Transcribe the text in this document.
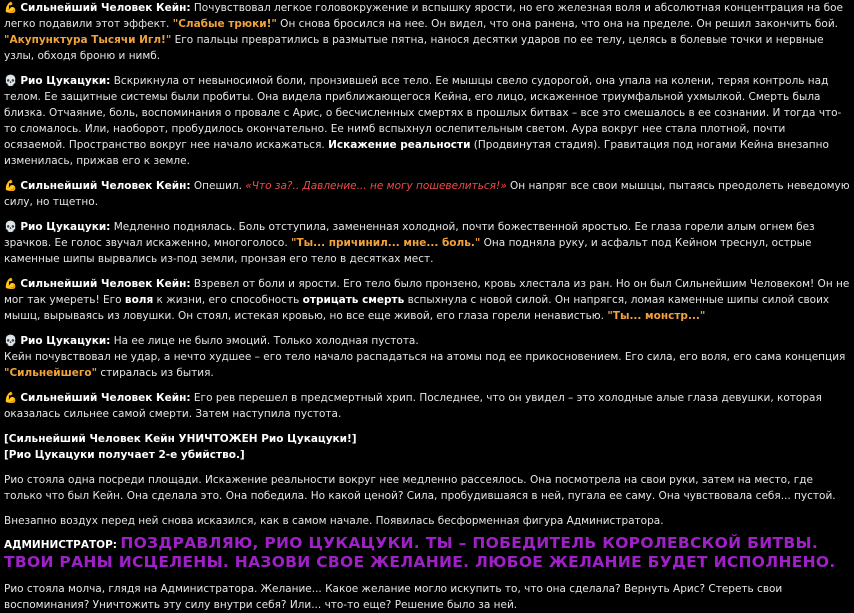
💪 Сильнейший Человек Кейн: Почувствовал легкое головокружение и вспышку ярости, но его железная воля и абсолютная концентрация на бое легко подавили этот эффект. "Слабые трюки!" Он снова бросился на нее. Он видел, что она ранена, что она на пределе. Он решил закончить бой. "Акупунктура Тысячи Игл!" Его пальцы превратились в размытые пятна, нанося десятки ударов по ее телу, целясь в болевые точки и нервные узлы, обходя броню и нимб.

💀 Рио Цукацуки: Вскрикнула от невыносимой боли, пронзившей все тело. Ее мышцы свело судорогой, она упала на колени, теряя контроль над телом. Ее защитные системы были пробиты. Она видела приближающегося Кейна, его лицо, искаженное триумфальной ухмылкой. Смерть была близка. Отчаяние, боль, воспоминания о провале с Арис, о бесчисленных смертях в прошлых битвах – все это смешалось в ее сознании. И тогда что-то сломалось. Или, наоборот, пробудилось окончательно. Ее нимб вспыхнул ослепительным светом. Аура вокруг нее стала плотной, почти осязаемой. Пространство вокруг нее начало искажаться. Искажение реальности (Продвинутая стадия). Гравитация под ногами Кейна внезапно изменилась, прижав его к земле.

💪 Сильнейший Человек Кейн: Опешил. «Что за?.. Давление... не могу пошевелиться!» Он напряг все свои мышцы, пытаясь преодолеть неведомую силу, но тщетно.

💀 Рио Цукацуки: Медленно поднялась. Боль отступила, замененная холодной, почти божественной яростью. Ее глаза горели алым огнем без зрачков. Ее голос звучал искаженно, многоголосо. "Ты... причинил... мне... боль." Она подняла руку, и асфальт под Кейном треснул, острые каменные шипы вырвались из-под земли, пронзая его тело в десятках мест.

💪 Сильнейший Человек Кейн: Взревел от боли и ярости. Его тело было пронзено, кровь хлестала из ран. Но он был Сильнейшим Человеком! Он не мог так умереть! Его воля к жизни, его способность отрицать смерть вспыхнула с новой силой. Он напрягся, ломая каменные шипы силой своих мышц, вырываясь из ловушки. Он стоял, истекая кровью, но все еще живой, его глаза горели ненавистью. "Ты... монстр..."

💀 Рио Цукацуки: На ее лице не было эмоций. Только холодная пустота.

Кейн почувствовал не удар, а нечто худшее – его тело начало распадаться на атомы под ее прикосновением. Его сила, его воля, его сама концепция "Сильнейшего" стиралась из бытия.

💪 Сильнейший Человек Кейн: Его рев перешел в предсмертный хрип. Последнее, что он увидел – это холодные алые глаза девушки, которая оказалась сильнее самой смерти. Затем наступила пустота.

[Сильнейший Человек Кейн УНИЧТОЖЕН Рио Цукацуки!]

[Рио Цукацуки получает 2-е убийство.]

Рио стояла одна посреди площади. Искажение реальности вокруг нее медленно рассеялось. Она посмотрела на свои руки, затем на место, где только что был Кейн. Она сделала это. Она победила. Но какой ценой? Сила, пробудившаяся в ней, пугала ее саму. Она чувствовала себя... пустой.

Внезапно воздух перед ней снова исказился, как в самом начале. Появилась бесформенная фигура Администратора.

АДМИНИСТРАТОР: ПОЗДРАВЛЯЮ, РИО ЦУКАЦУКИ. ТЫ – ПОБЕДИТЕЛЬ КОРОЛЕВСКОЙ БИТВЫ. ТВОИ РАНЫ ИСЦЕЛЕНЫ. НАЗОВИ СВОЕ ЖЕЛАНИЕ. ЛЮБОЕ ЖЕЛАНИЕ БУДЕТ ИСПОЛНЕНО.

Рио стояла молча, глядя на Администратора. Желание... Какое желание могло искупить то, что она сделала? Вернуть Арис? Стереть свои воспоминания? Уничтожить эту силу внутри себя? Или... что-то еще? Решение было за ней.
